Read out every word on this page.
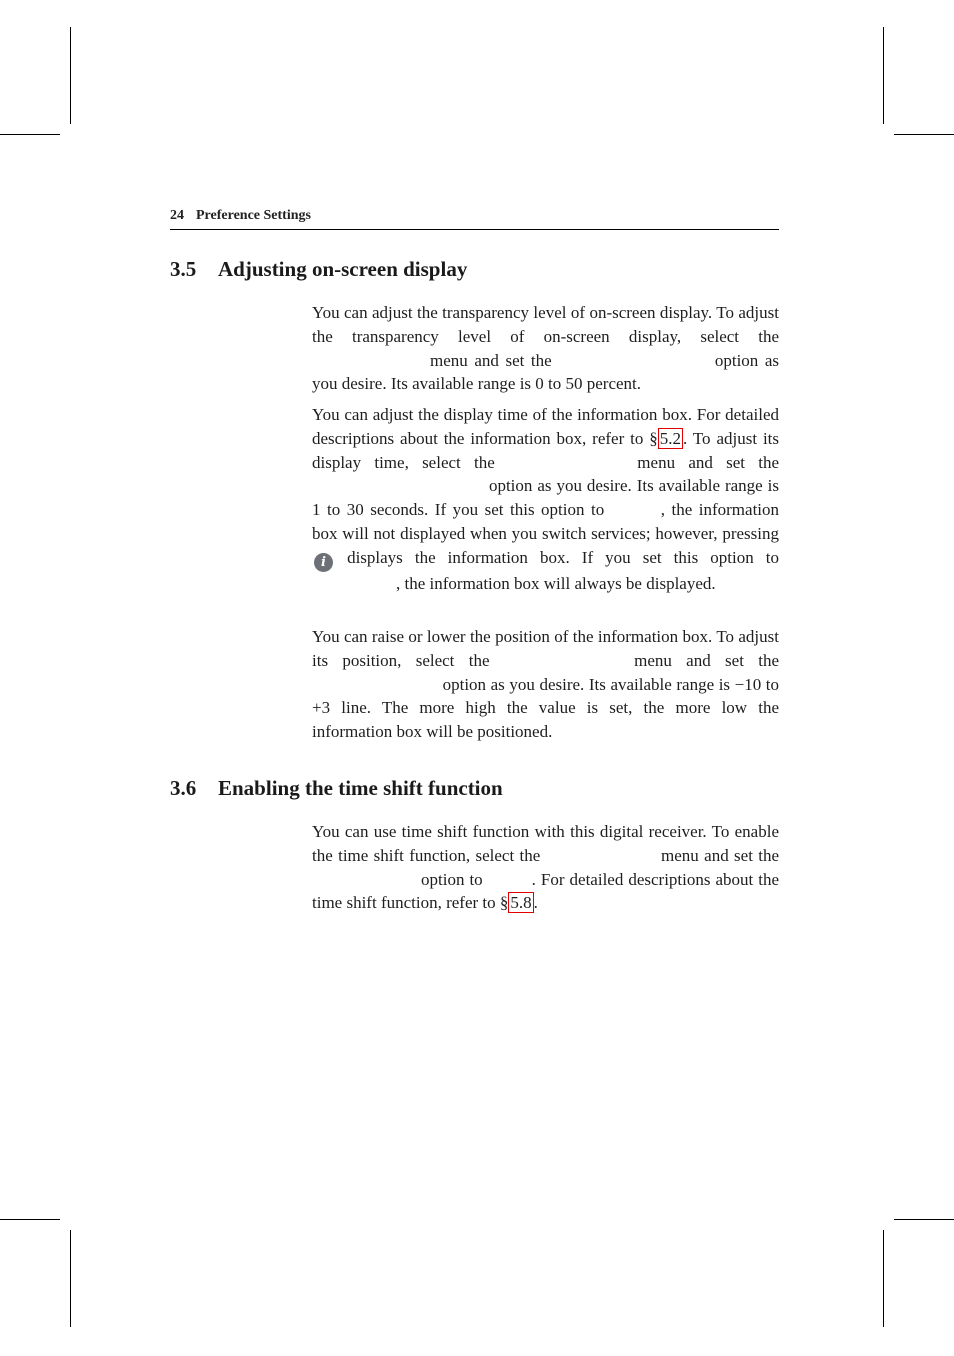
24 Preference Settings
3.5 Adjusting on-screen display

You can adjust the transparency level of on-screen display. To adjust the transparency level of on-screen display, select the menu and set the	option as you desire. Its available range is 0 to 50 percent.

You can adjust the display time of the information box. For detailed descriptions about the information box, refer to § 5.2 . To adjust its display time, select the	menu and set the  option as you desire. Its available range is 1 to 30 seconds. If you set this option to	, the information box will not displayed when you switch services; however, pressing i displays the information box. If you set this option to , the information box will always be displayed.

You can raise or lower the position of the information box. To adjust its position, select the	menu and set the  option as you desire. Its available range is −10 to +3 line. The more high the value is set, the more low the information box will be positioned.

3.6 Enabling the time shift function

You can use time shift function with this digital receiver. To enable the time shift function, select the	menu and set the  option to	. For detailed descriptions about the time shift function, refer to § 5.8 .
